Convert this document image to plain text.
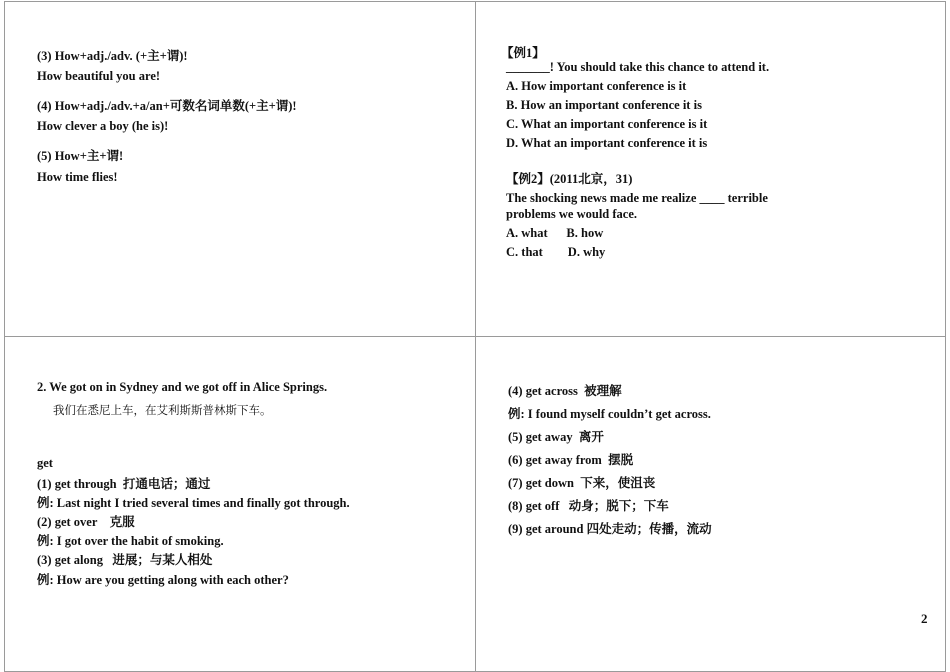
(3) How+adj./adv. (+主+谓)!
How beautiful you are!
(4) How+adj./adv.+a/an+可数名词单数(+主+谓)!
How clever a boy (he is)!
(5) How+主+谓!
How time flies!
【例1】
_______! You should take this chance to attend it.
A. How important conference is it
B. How an important conference it is
C. What an important conference is it
D. What an important conference it is
【例2】(2011北京，31)
The shocking news made me realize ____ terrible
problems we would face.
A. what      B. how
C. that        D. why
2. We got on in Sydney and we got off in Alice Springs.
我们在悉尼上车，在艾利斯斯普林斯下车。
get
(1) get through  打通电话；通过
例: Last night I tried several times and finally got through.
(2) get over    克服
例: I got over the habit of smoking.
(3) get along   进展；与某人相处
例: How are you getting along with each other?
(4) get across  被理解
例: I found myself couldn’t get across.
(5) get away  离开
(6) get away from  摆脱
(7) get down  下来，使沮丧
(8) get off   动身；脱下；下车
(9) get around 四处走动；传播，流动
2
